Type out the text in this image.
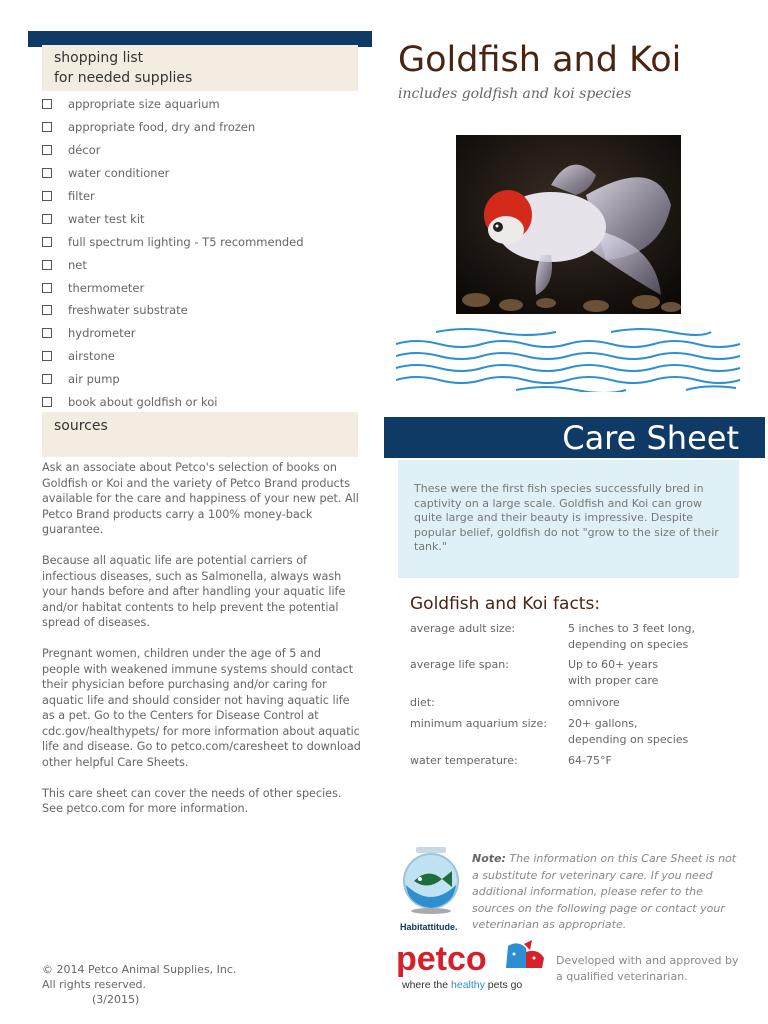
shopping list
for needed supplies
appropriate size aquarium
appropriate food, dry and frozen
décor
water conditioner
filter
water test kit
full spectrum lighting - T5 recommended
net
thermometer
freshwater substrate
hydrometer
airstone
air pump
book about goldfish or koi
sources

Ask an associate about Petco's selection of books on Goldfish or Koi and the variety of Petco Brand products available for the care and happiness of your new pet. All Petco Brand products carry a 100% money-back guarantee.

Because all aquatic life are potential carriers of infectious diseases, such as Salmonella, always wash your hands before and after handling your aquatic life and/or habitat contents to help prevent the potential spread of diseases.

Pregnant women, children under the age of 5 and people with weakened immune systems should contact their physician before purchasing and/or caring for aquatic life and should consider not having aquatic life as a pet. Go to the Centers for Disease Control at cdc.gov/healthypets/ for more information about aquatic life and disease. Go to petco.com/caresheet to download other helpful Care Sheets.

This care sheet can cover the needs of other species. See petco.com for more information.

© 2014 Petco Animal Supplies, Inc.
All rights reserved.
(3/2015)
Goldfish and Koi
includes goldfish and koi species
Care Sheet

These were the first fish species successfully bred in captivity on a large scale. Goldfish and Koi can grow quite large and their beauty is impressive. Despite popular belief, goldfish do not "grow to the size of their tank."

Goldfish and Koi facts:
average adult size:	5 inches to 3 feet long,
depending on species
average life span:	Up to 60+ years
with proper care
diet:	omnivore
minimum aquarium size:	20+ gallons,
depending on species
water temperature:	64-75°F
Habitattitude.
Note: The information on this Care Sheet is not a substitute for veterinary care. If you need additional information, please refer to the sources on the following page or contact your veterinarian as appropriate.
petco
where the healthy pets go
Developed with and approved by a qualified veterinarian.
